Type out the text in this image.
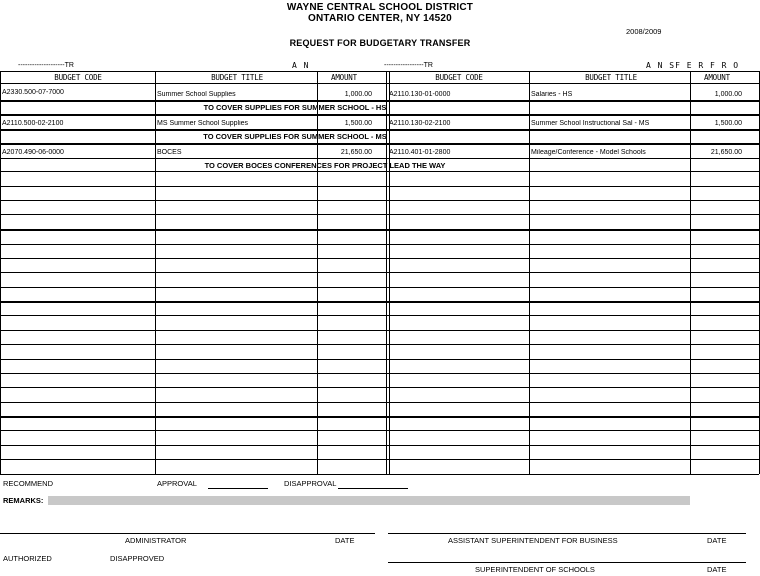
WAYNE CENTRAL SCHOOL DISTRICT
ONTARIO CENTER, NY 14520
2008/2009
REQUEST FOR BUDGETARY TRANSFER
--------------------TR	A N	-----------------TR	A N SF E R F R O
BUDGET CODE	BUDGET TITLE	AMOUNT	BUDGET CODE	BUDGET TITLE	AMOUNT
A2330.500-07-7000	Summer School Supplies	1,000.00 A2110.130-01-0000	Salaries - HS	1,000.00
TO COVER SUPPLIES FOR SUMMER SCHOOL - HS
A2110.500-02-2100	MS Summer School Supplies	1,500.00 A2110.130-02-2100	Summer School Instructional Sal - MS	1,500.00
TO COVER SUPPLIES FOR SUMMER SCHOOL - MS
A2070.490-06-0000	BOCES	21,650.00 A2110.401-01-2800	Mileage/Conference - Model Schools	21,650.00
TO COVER BOCES CONFERENCES FOR PROJECT LEAD THE WAY
RECOMMEND	APPROVAL	DISAPPROVAL
REMARKS:
ADMINISTRATOR	DATE	ASSISTANT SUPERINTENDENT FOR BUSINESS	DATE
AUTHORIZED	DISAPPROVED
SUPERINTENDENT OF SCHOOLS	DATE
